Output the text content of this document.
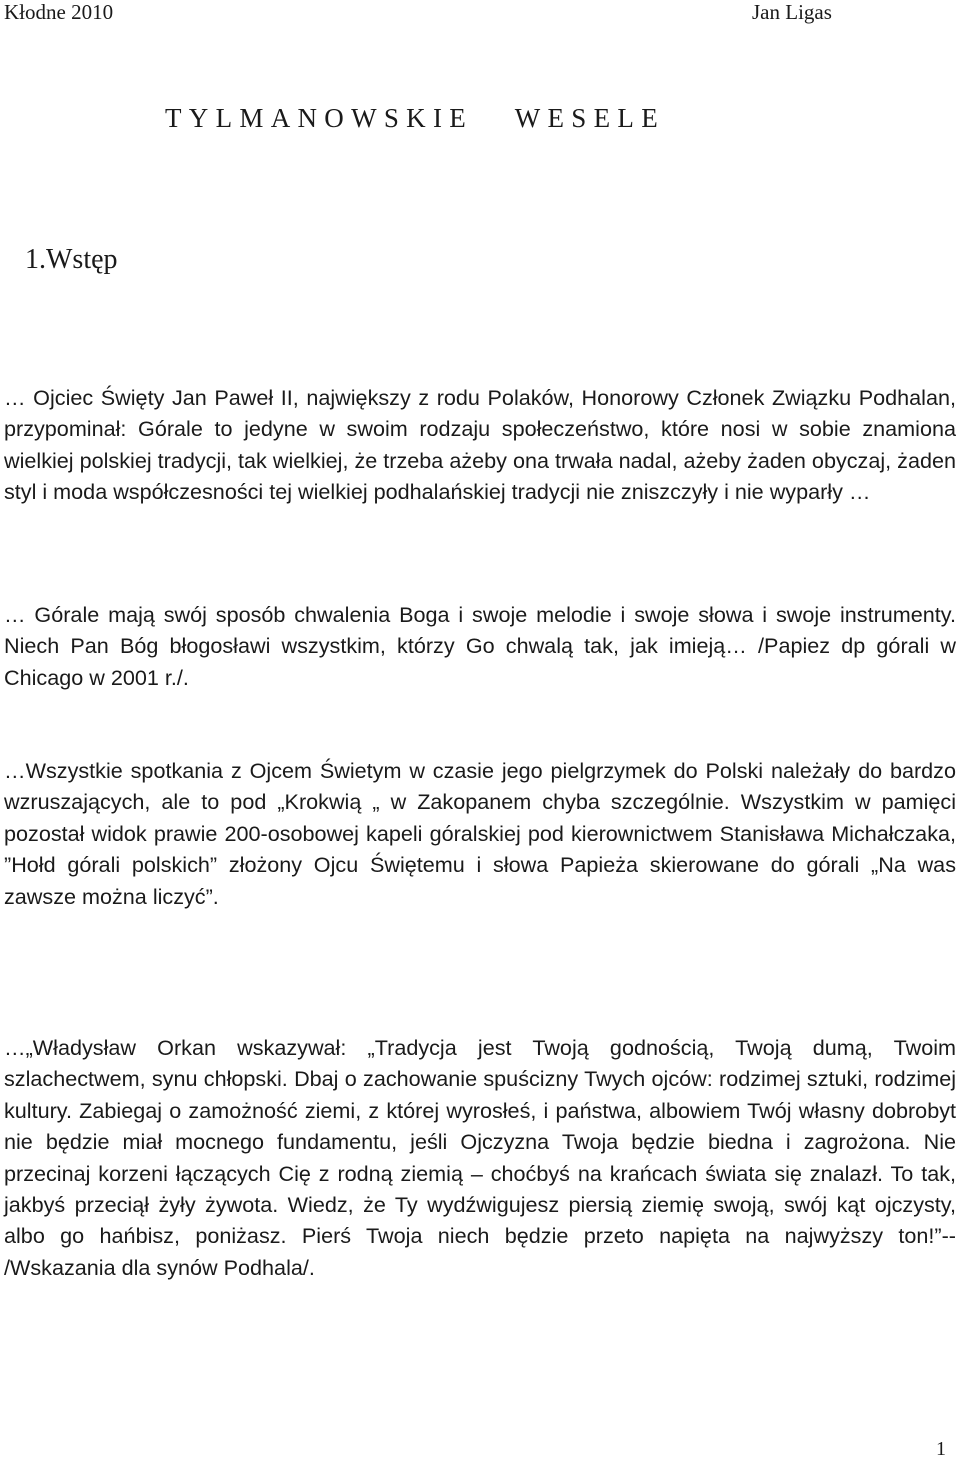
Kłodne 2010	Jan Ligas
TYLMANOWSKIE   WESELE
1.Wstęp

… Ojciec Święty Jan Paweł II, największy z rodu Polaków, Honorowy Członek Związku Podhalan, przypominał: Górale to jedyne w swoim rodzaju społeczeństwo, które nosi w sobie znamiona wielkiej polskiej tradycji, tak wielkiej, że trzeba ażeby ona trwała nadal, ażeby żaden obyczaj, żaden styl i moda współczesności tej wielkiej podhalańskiej tradycji nie zniszczyły i nie wyparły …

… Górale mają swój sposób chwalenia Boga i swoje melodie i swoje słowa i swoje instrumenty. Niech Pan Bóg błogosławi wszystkim, którzy Go chwalą tak, jak imieją… /Papiez dp górali w Chicago w 2001 r./.

…Wszystkie spotkania z Ojcem Świetym w czasie jego pielgrzymek do Polski należały do bardzo wzruszających, ale to pod „Krokwią „ w Zakopanem chyba szczególnie. Wszystkim w pamięci pozostał widok prawie 200-osobowej kapeli góralskiej pod kierownictwem Stanisława Michałczaka, ”Hołd górali polskich” złożony Ojcu Świętemu i słowa Papieża skierowane do górali „Na was zawsze można liczyć”.

…„Władysław Orkan wskazywał: „Tradycja jest Twoją godnością, Twoją dumą, Twoim szlachectwem, synu chłopski. Dbaj o zachowanie spuścizny Twych ojców: rodzimej sztuki, rodzimej kultury. Zabiegaj o zamożność ziemi, z której wyrosłeś, i państwa, albowiem Twój własny dobrobyt nie będzie miał mocnego fundamentu, jeśli Ojczyzna Twoja będzie biedna i zagrożona. Nie przecinaj korzeni łączących Cię z rodną ziemią – choćbyś na krańcach świata się znalazł. To tak, jakbyś przeciął żyły żywota. Wiedz, że Ty wydźwigujesz piersią ziemię swoją, swój kąt ojczysty, albo go hańbisz, poniżasz. Pierś Twoja niech będzie przeto napięta na najwyższy ton!”-- /Wskazania dla synów Podhala/.

1
